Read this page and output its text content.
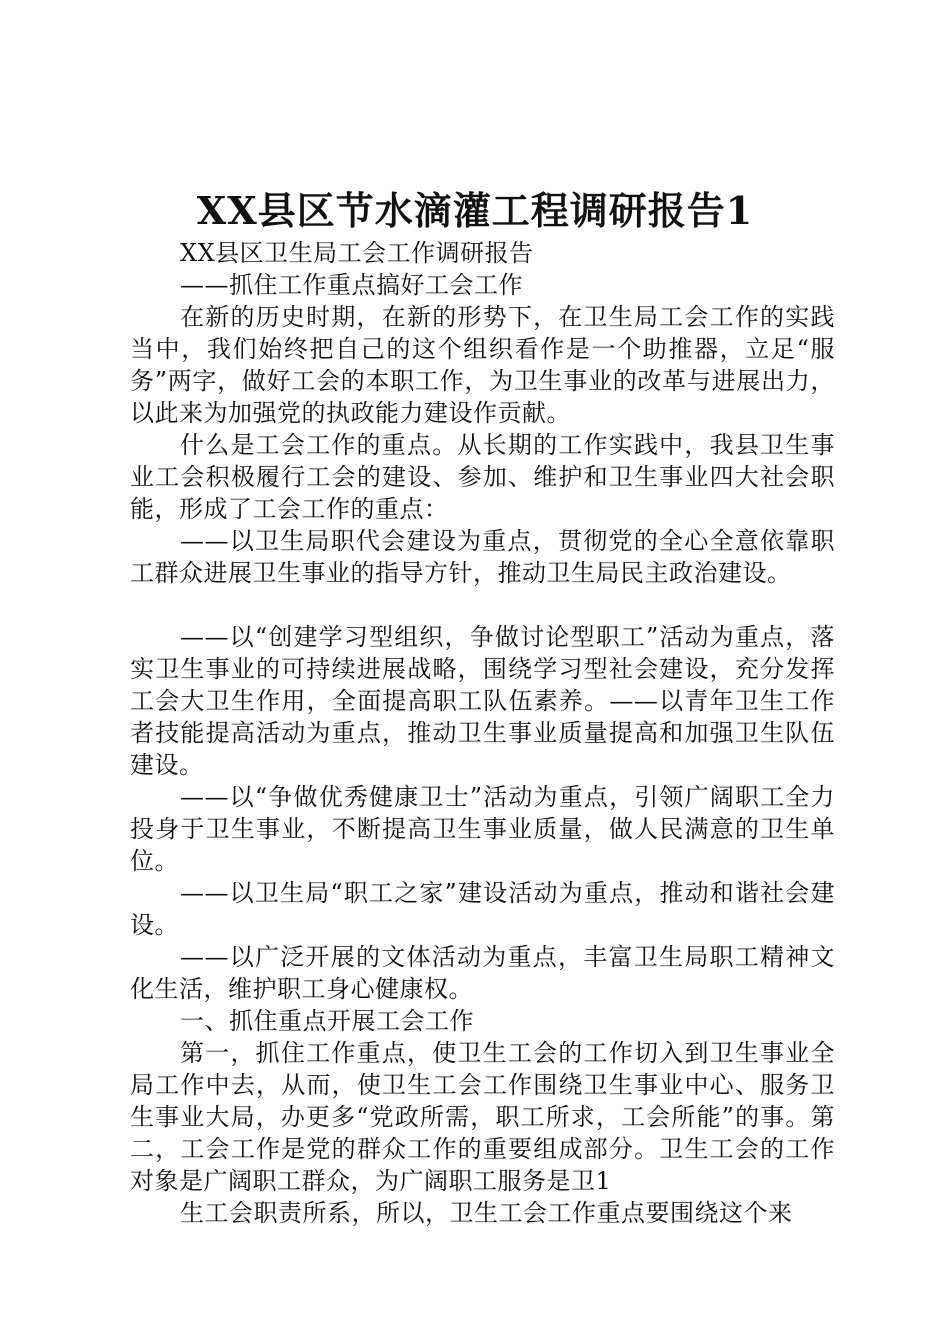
XX县区节水滴灌工程调研报告1

XX县区卫生局工会工作调研报告

——抓住工作重点搞好工会工作

在新的历史时期，在新的形势下，在卫生局工会工作的实践当中，我们始终把自己的这个组织看作是一个助推器，立足“服务”两字，做好工会的本职工作，为卫生事业的改革与进展出力，以此来为加强党的执政能力建设作贡献。

什么是工会工作的重点。从长期的工作实践中，我县卫生事业工会积极履行工会的建设、参加、维护和卫生事业四大社会职能，形成了工会工作的重点：

——以卫生局职代会建设为重点，贯彻党的全心全意依靠职工群众进展卫生事业的指导方针，推动卫生局民主政治建设。

——以“创建学习型组织，争做讨论型职工”活动为重点，落实卫生事业的可持续进展战略，围绕学习型社会建设，充分发挥工会大卫生作用，全面提高职工队伍素养。——以青年卫生工作者技能提高活动为重点，推动卫生事业质量提高和加强卫生队伍建设。

——以“争做优秀健康卫士”活动为重点，引领广阔职工全力投身于卫生事业，不断提高卫生事业质量，做人民满意的卫生单位。

——以卫生局“职工之家”建设活动为重点，推动和谐社会建设。

——以广泛开展的文体活动为重点，丰富卫生局职工精神文化生活，维护职工身心健康权。

一、抓住重点开展工会工作

第一，抓住工作重点，使卫生工会的工作切入到卫生事业全局工作中去，从而，使卫生工会工作围绕卫生事业中心、服务卫生事业大局，办更多“党政所需，职工所求，工会所能”的事。第二，工会工作是党的群众工作的重要组成部分。卫生工会的工作对象是广阔职工群众，为广阔职工服务是卫1

生工会职责所系，所以，卫生工会工作重点要围绕这个来
